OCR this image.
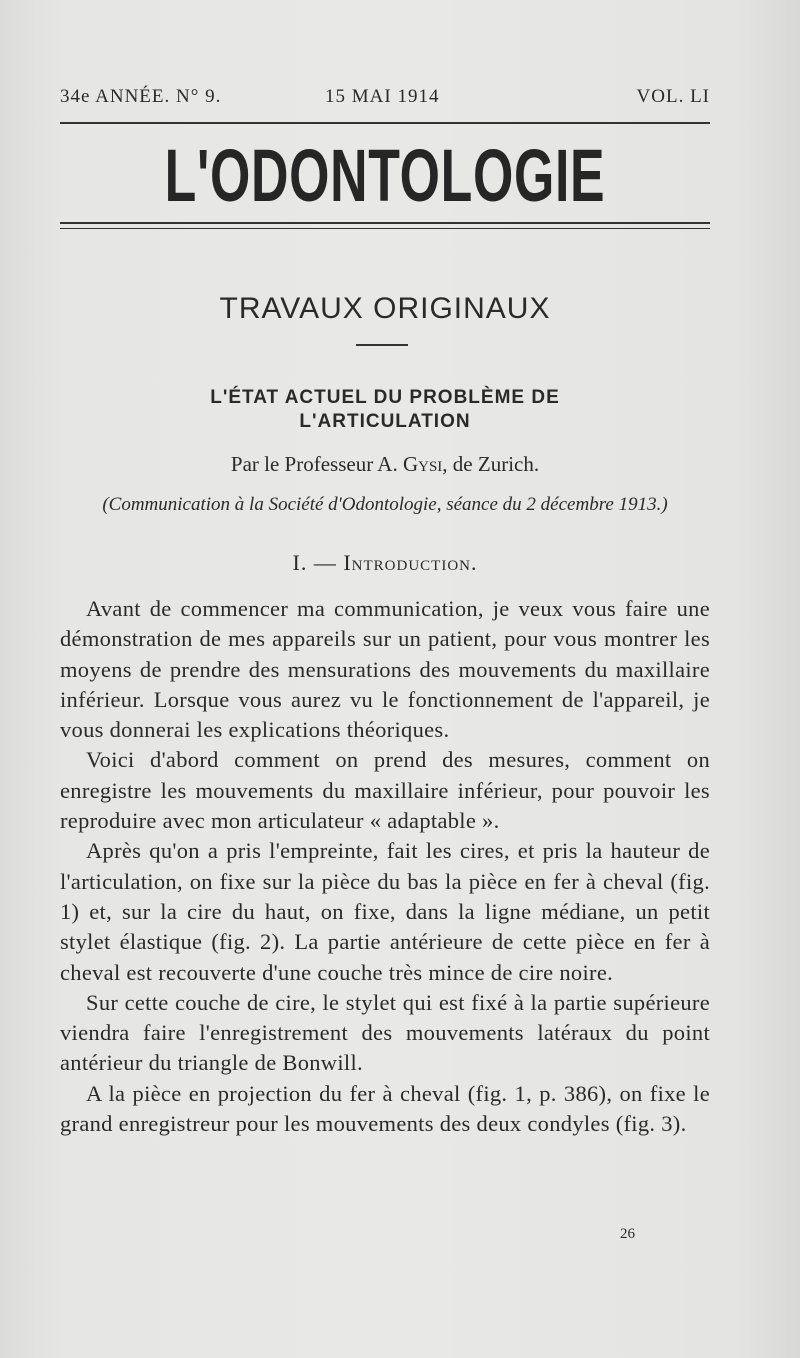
34e ANNÉE. N° 9.	15 MAI 1914	VOL. LI
L'ODONTOLOGIE
TRAVAUX ORIGINAUX
L'ÉTAT ACTUEL DU PROBLÈME DE
L'ARTICULATION
Par le Professeur A. Gysi, de Zurich.
(Communication à la Société d'Odontologie, séance du 2 décembre 1913.)
I. — Introduction.

Avant de commencer ma communication, je veux vous faire une démonstration de mes appareils sur un patient, pour vous montrer les moyens de prendre des mensurations des mouvements du maxillaire inférieur. Lorsque vous aurez vu le fonctionnement de l'appareil, je vous donnerai les explications théoriques.

Voici d'abord comment on prend des mesures, comment on enregistre les mouvements du maxillaire inférieur, pour pouvoir les reproduire avec mon articulateur « adaptable ».

Après qu'on a pris l'empreinte, fait les cires, et pris la hauteur de l'articulation, on fixe sur la pièce du bas la pièce en fer à cheval (fig. 1) et, sur la cire du haut, on fixe, dans la ligne médiane, un petit stylet élastique (fig. 2). La partie antérieure de cette pièce en fer à cheval est recouverte d'une couche très mince de cire noire.

Sur cette couche de cire, le stylet qui est fixé à la partie supérieure viendra faire l'enregistrement des mouvements latéraux du point antérieur du triangle de Bonwill.

A la pièce en projection du fer à cheval (fig. 1, p. 386), on fixe le grand enregistreur pour les mouvements des deux condyles (fig. 3).

26
